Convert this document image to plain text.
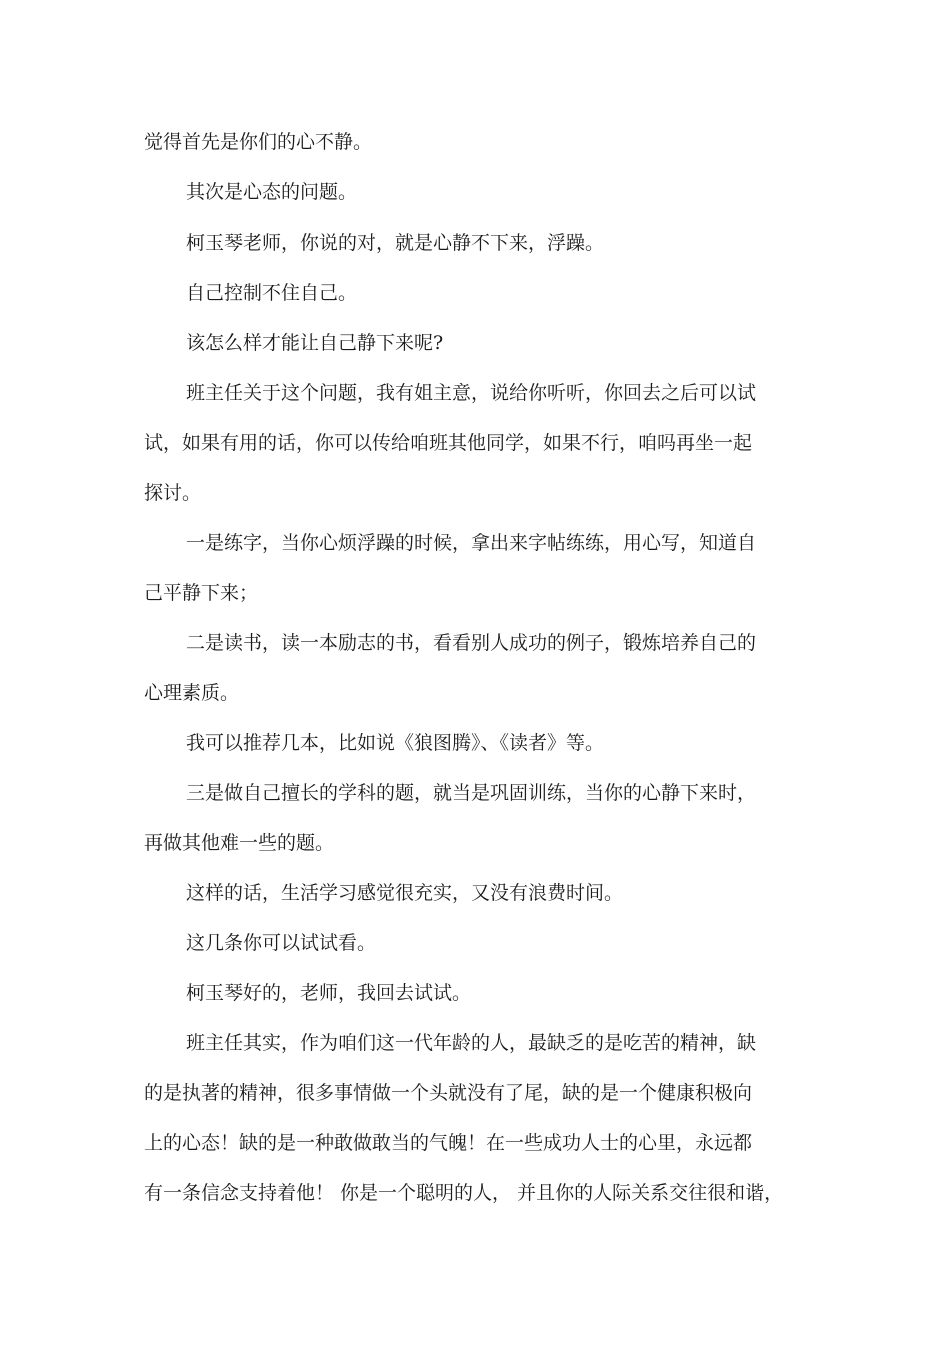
觉得首先是你们的心不静。

其次是心态的问题。

柯玉琴老师，你说的对，就是心静不下来，浮躁。

自己控制不住自己。

该怎么样才能让自己静下来呢?

班主任关于这个问题，我有姐主意，说给你听听，你回去之后可以试

试，如果有用的话，你可以传给咱班其他同学，如果不行，咱吗再坐一起

探讨。

一是练字，当你心烦浮躁的时候，拿出来字帖练练，用心写，知道自

己平静下来；

二是读书，读一本励志的书，看看别人成功的例子，锻炼培养自己的

心理素质。

我可以推荐几本，比如说《狼图腾》、《读者》等。

三是做自己擅长的学科的题，就当是巩固训练，当你的心静下来时，

再做其他难一些的题。

这样的话，生活学习感觉很充实，又没有浪费时间。

这几条你可以试试看。

柯玉琴好的，老师，我回去试试。

班主任其实，作为咱们这一代年龄的人，最缺乏的是吃苦的精神，缺

的是执著的精神，很多事情做一个头就没有了尾，缺的是一个健康积极向

上的心态！缺的是一种敢做敢当的气魄！在一些成功人士的心里，永远都

有一条信念支持着他！ 你是一个聪明的人， 并且你的人际关系交往很和谐，
